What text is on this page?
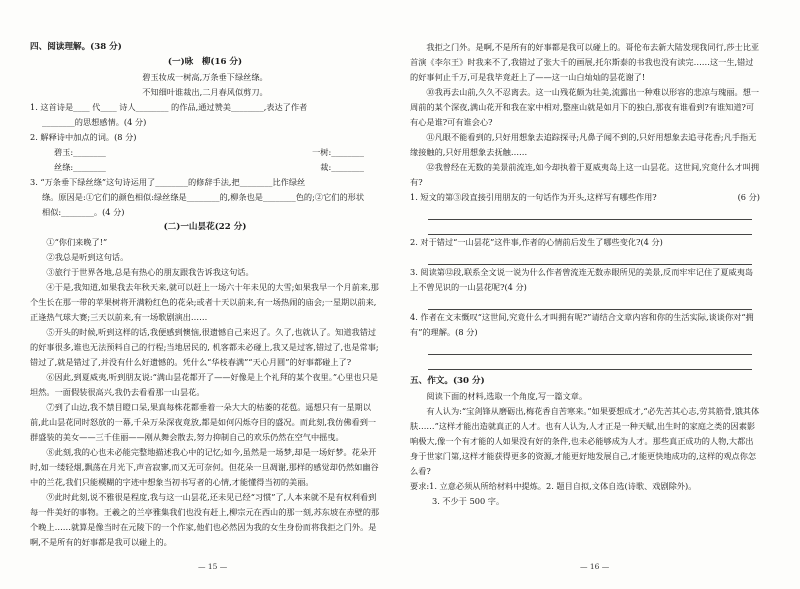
四、阅读理解。(38 分)

(一)咏　柳(16 分)

碧玉妆成一树高,万条垂下绿丝绦。

不知细叶谁裁出,二月春风似剪刀。

1. 这首诗是____ 代____ 诗人________ 的作品,通过赞美________,表达了作者

________的思想感情。(4 分)

2. 解释诗中加点的词。(8 分)

碧玉:________	一树:________
丝绦:________	裁:________

3. “万条垂下绿丝绦”这句诗运用了________的修辞手法,把________比作绿丝

绦。原因是:①它们的颜色相似:绿丝绦是________的,柳条也是________色的;②它们的形状

相似:________。(4 分)

(二)一山昙花(22 分)

①“你们来晚了!”

②我总是听到这句话。

③旅行于世界各地,总是有热心的朋友跟我告诉我这句话。

④于是,我知道,如果我去年秋天来,就可以赶上一场六十年未见的大雪;如果我早一个月前来,那个生长在那一带的苹果树将开满粉红色的花朵;或者十天以前来,有一场热闹的庙会;一星期以前来,正逢热气球大赛;三天以前来,有一场歌剧演出……

⑤开头的时候,听到这样的话,我便感到懊恼,很遗憾自己来迟了。久了,也就认了。知道我错过的好事很多,谁也无法预料自己的行程;当地居民的, 机客都未必碰上,我又是过客,错过了,也是常事;错过了,就是错过了,并没有什么好遗憾的。凭什么“华枝春满”“天心月圆”的好事都碰上了?

⑥因此,到夏威夷,听到朋友说:“满山昙花都开了——好像是上个礼拜的某个夜里。”心里也只是坦然。一面假装很高兴,我仍去看看那一山昙花。

⑦到了山边,我不禁目瞪口呆,果真每株花都垂着一朵大大的枯萎的花苞。遥想只有一星期以前,此山昙花同时怒放的一幕,千朵万朵深夜竟放,都是如何闪烁夺目的盛况。而此刻,我仿佛看到一群盛装的美女——三千佳丽——刚从舞会散去,努力抑制自己的欢乐仍然在空气中摇曳。

⑧此刻,我的心也未必能完整地描述我心中的记忆;如今,虽然是一场梦,却是一场好梦。花朵开时,如一缕轻烟,飘荡在月光下,声音寂寥,而又无可奈何。但花朵一旦凋谢,那样的感觉却仍然如幽谷中的兰花,我们只能模糊的字迹中想象当初书写者的心情,才能懂得当初的美丽。

⑨此时此刻,说不雅很是程度,我与这一山昙花,还未见已经“习惯”了,人本来就不是有权利看到每一件美好的事物。王羲之的兰亭雅集我们也没有赶上,柳宗元在西山的那一刻,苏东坡在赤壁的那个晚上……就算是像当时在元陵下的一个作家,他们也必然因为我的女生身份而将我拒之门外。是啊,不是所有的好事都是我可以碰上的。

我拒之门外。是啊,不是所有的好事都是我可以碰上的。哥伦布去新大陆发现我同行,莎士比亚首演《李尔王》时我来不了,我错过了张大千的画展,托尔斯泰的书我也没有读完……这一生,错过的好事何止千万,可是我毕竟赶上了——这一山白灿灿的昙花谢了!

⑩我再去山前,久久不忍离去。这一山残花颇为壮美,流露出一种难以形容的悲凉与瑰丽。想一周前的某个深夜,满山花开和我在家中相对,整座山就是如月下的独白,那夜有谁看到?有谁知道?可有心是谁?可有谁会心?

⑪凡眼不能看到的,只好用想象去追踪探寻;凡鼻子闻不到的,只好用想象去追寻花香;凡手指无缘接触的,只好用想象去抚触……

⑫我曾经在无数的美景前流连,如今却执着于夏威夷岛上这一山昙花。这世间,究竟什么才叫拥有?

1. 短文的第③段直接引用朋友的一句话作为开头,这样写有哪些作用?	(6 分)

2. 对于错过“一山昙花”这件事,作者的心情前后发生了哪些变化?(4 分)

3. 阅读第⑫段,联系全文说一说为什么作者曾流连无数赤眼所见的美景,反而牢牢记住了夏威夷岛上不曾见识的一山昙花呢?(4 分)

4. 作者在文末慨叹“这世间,究竟什么才叫拥有呢?”请结合文章内容和你的生活实际,谈谈你对“拥有”的理解。(8 分)

五、作文。(30 分)

阅读下面的材料,选取一个角度,写一篇文章。

有人认为:“宝剑锋从磨砺出,梅花香自苦寒来。”如果要想成才,“必先苦其心志,劳其筋骨,饿其体肤……”这样才能出造就真正的人才。也有人认为,人才正是一种天赋,出生时的家庭之类的因素影响极大,像一个有才能的人如果没有好的条件,也未必能够成为人才。那些真正成功的人物,大都出身于世家门第,这样才能获得更多的资源,才能更好地发展自己,才能更快地成功的,这样的观点你怎么看?

要求:1. 立意必须从所给材料中提炼。2. 题目自拟,文体自选(诗歌、戏剧除外)。

3. 不少于 500 字。

— 15 —	— 16 —
